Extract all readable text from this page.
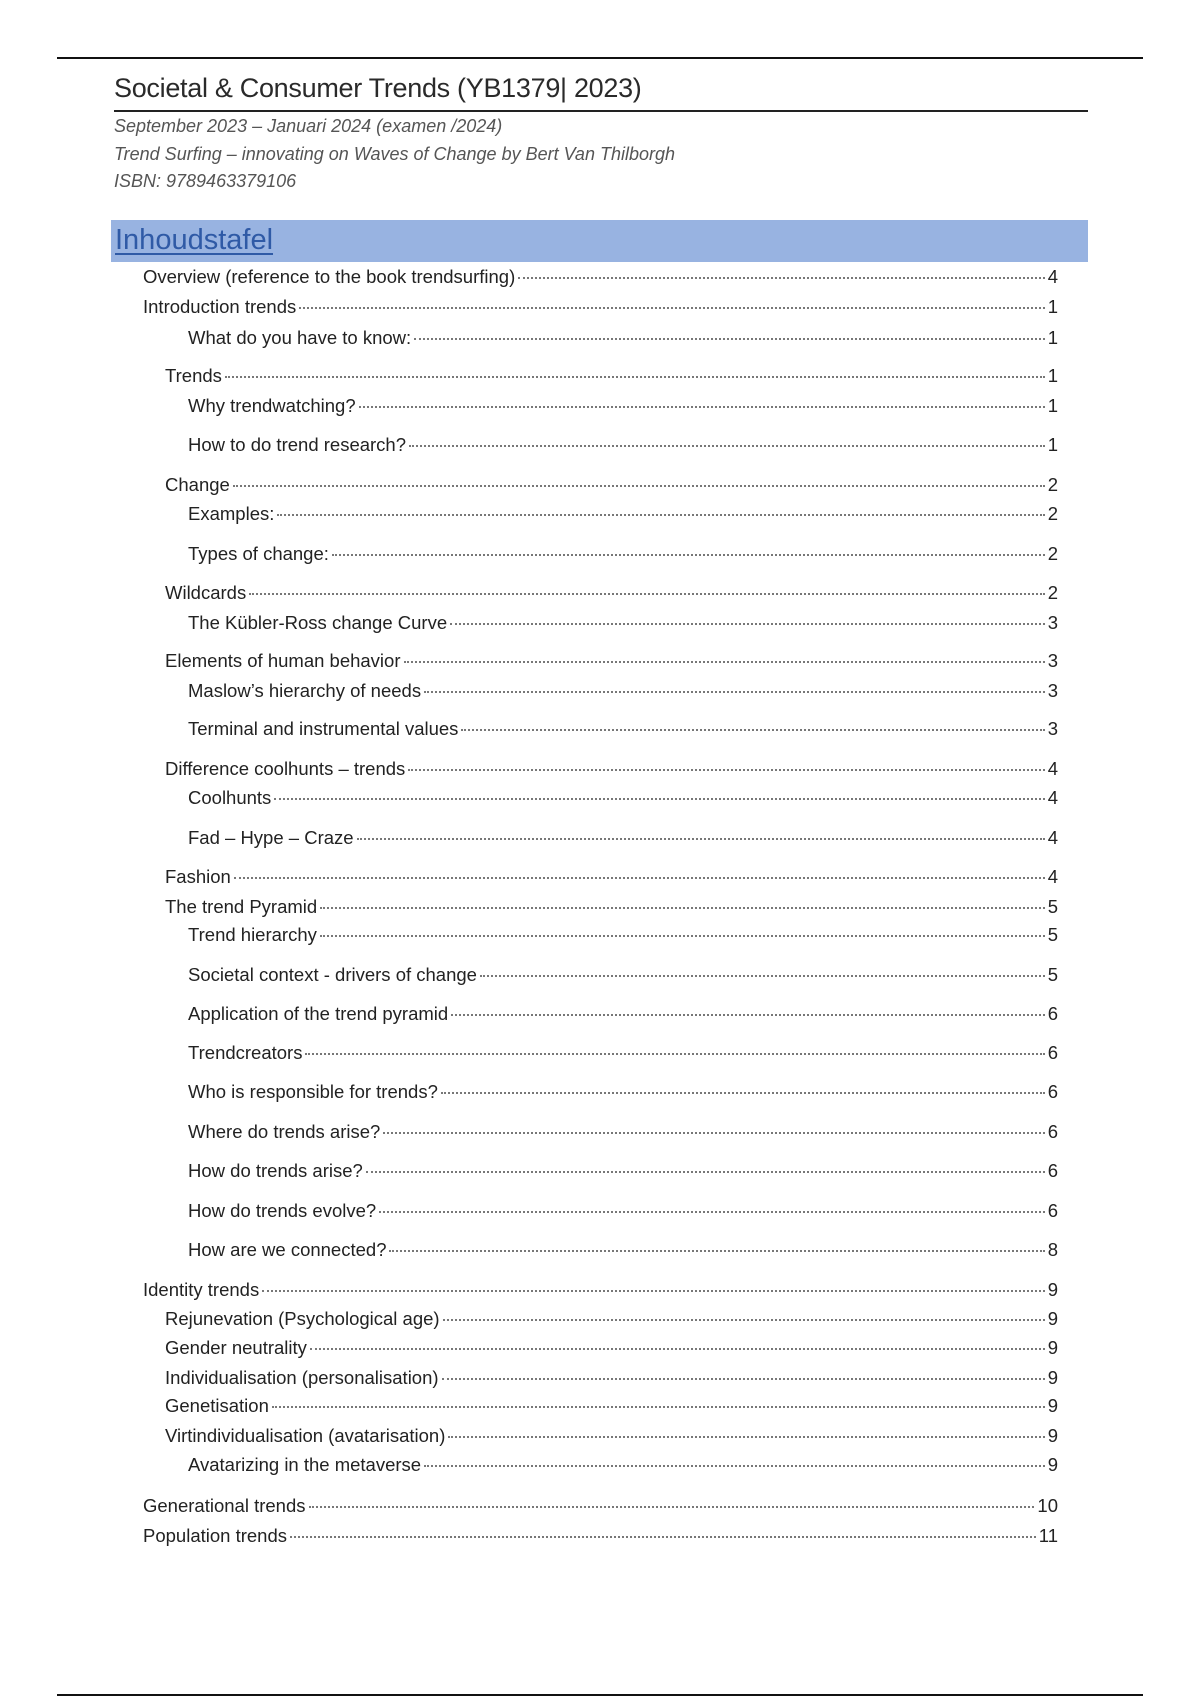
Societal & Consumer Trends (YB1379| 2023)
September 2023 – Januari 2024 (examen /2024)
Trend Surfing – innovating on Waves of Change by Bert Van Thilborgh
ISBN: 9789463379106
Inhoudstafel
Overview (reference to the book trendsurfing)	4
Introduction trends	1
What do you have to know:	1
Trends	1
Why trendwatching?	1
How to do trend research?	1
Change	2
Examples:	2
Types of change:	2
Wildcards	2
The Kübler-Ross change Curve	3
Elements of human behavior	3
Maslow’s hierarchy of needs	3
Terminal and instrumental values	3
Difference coolhunts – trends	4
Coolhunts	4
Fad – Hype – Craze	4
Fashion	4
The trend Pyramid	5
Trend hierarchy	5
Societal context - drivers of change	5
Application of the trend pyramid	6
Trendcreators	6
Who is responsible for trends?	6
Where do trends arise?	6
How do trends arise?	6
How do trends evolve?	6
How are we connected?	8
Identity trends	9
Rejunevation (Psychological age)	9
Gender neutrality	9
Individualisation (personalisation)	9
Genetisation	9
Virtindividualisation (avatarisation)	9
Avatarizing in the metaverse	9
Generational trends	10
Population trends	11
